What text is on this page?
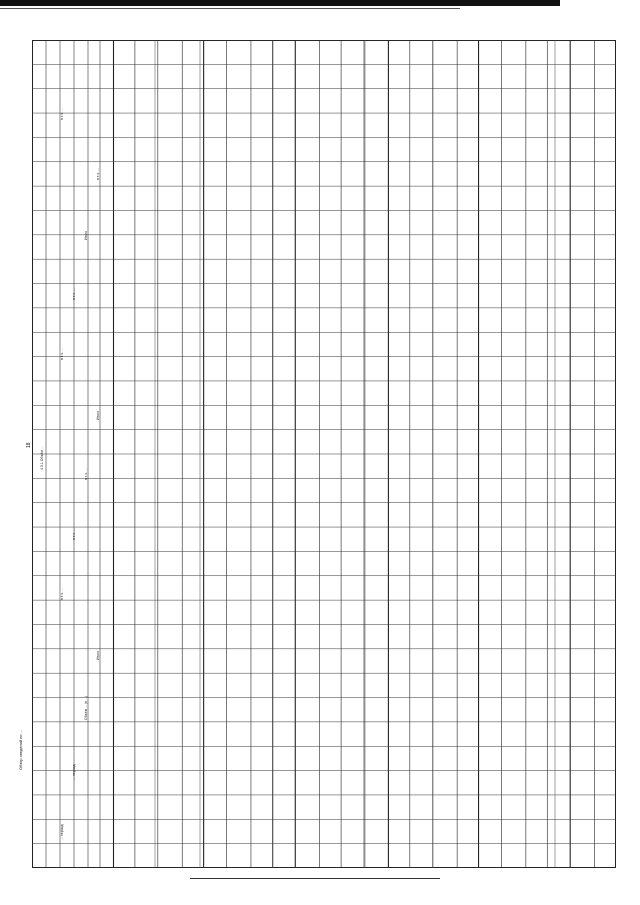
18
Обзор сведений по ...
... период
... период
Объём ... (в ...)
Итого
в т.ч. ...
в т.ч. ...
в т.ч. ...
Итого
в т.ч. ...
в т.ч. ...
Итого
в т.ч. ...
в т.ч. ...
4.3.1 Объём ...
